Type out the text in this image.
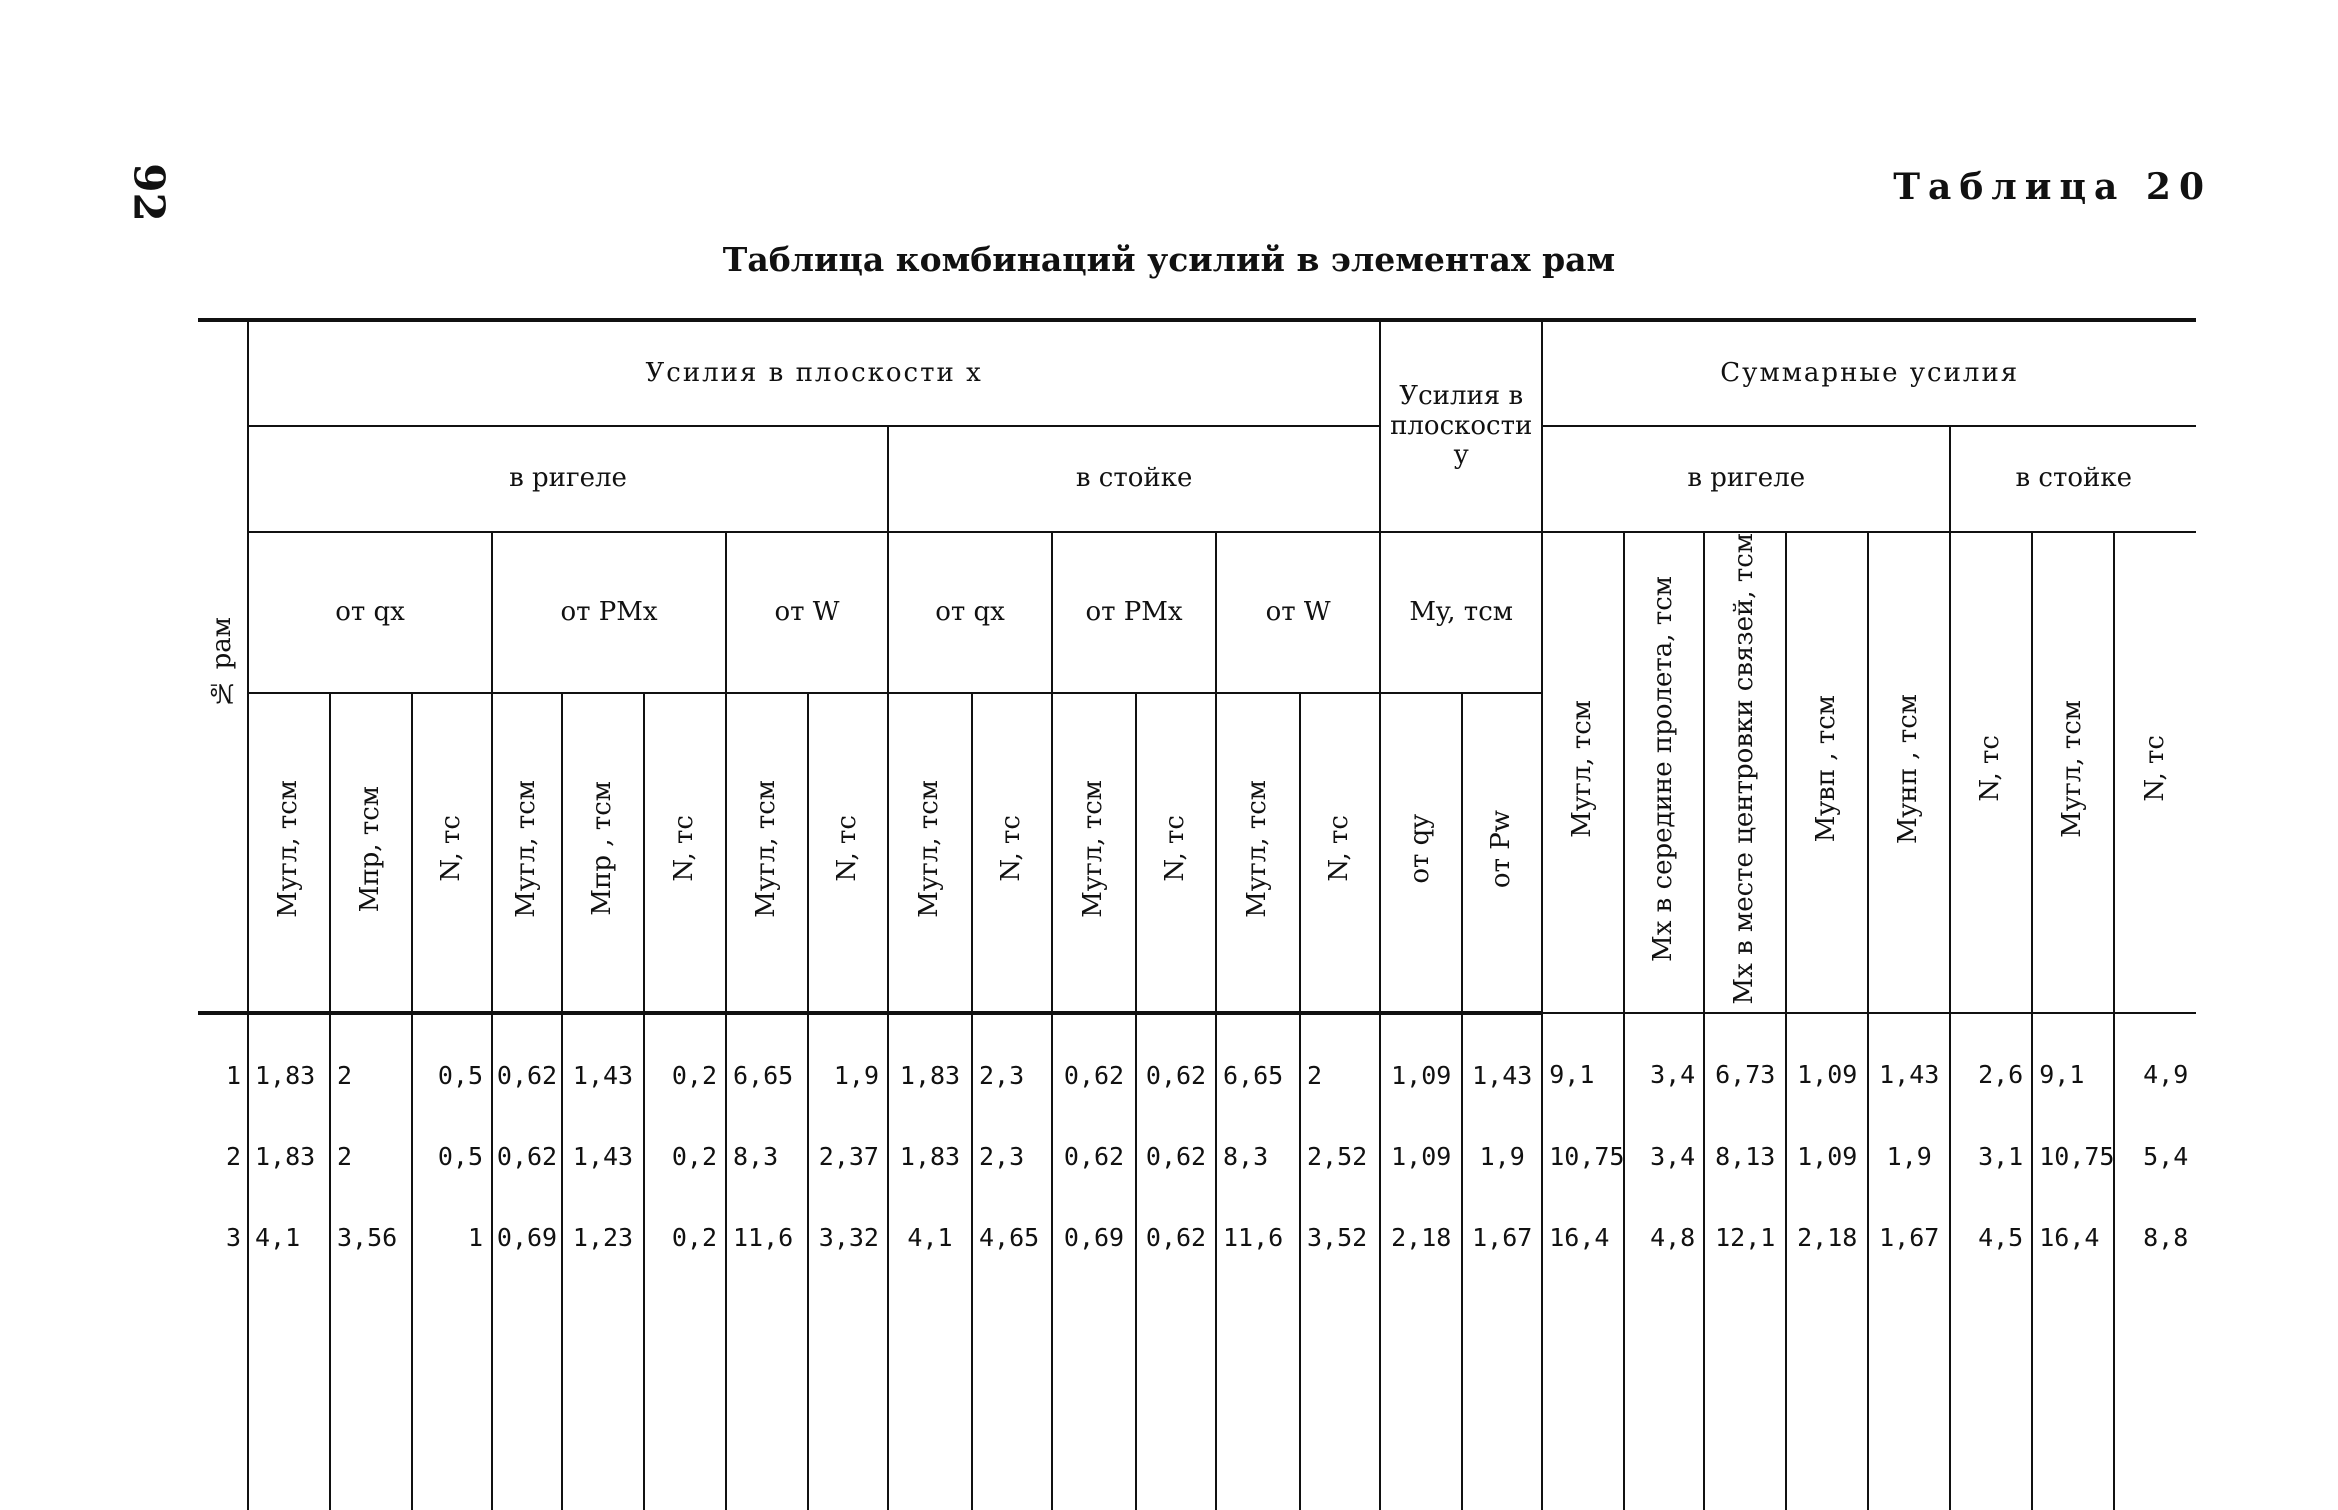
92	Таблица 20
Таблица комбинаций усилий в элементах рам
№ рам	Усилия в плоскости x														Усилия в плоскости y		Суммарные усилия							
	в ригеле								в стойке								в ригеле					в стойке		
	от qx			от PМx			от W		от qx		от PМx		от W		My, тсм		Mугл, тсм	Mx в середине пролета, тсм	Mx в месте центровки связей, тсм	Myвп , тсм	Myнп , тсм	N, тс	Mугл, тсм	N, тс
	Mугл, тсм	Mпр, тсм	N, тс	Mугл, тсм	Mпр , тсм	N, тс	Mугл, тсм	N, тс	Mугл, тсм	N, тс	Mугл, тсм	N, тс	Mугл, тсм	N, тс	от qy	от Pw								
1	1,83	2	0,5	0,62	1,43	0,2	6,65	1,9	1,83	2,3	0,62	0,62	6,65	2	1,09	1,43	9,1	3,4	6,73	1,09	1,43	2,6	9,1	4,9
2	1,83	2	0,5	0,62	1,43	0,2	8,3	2,37	1,83	2,3	0,62	0,62	8,3	2,52	1,09	1,9	10,75	3,4	8,13	1,09	1,9	3,1	10,75	5,4
3	4,1	3,56	1	0,69	1,23	0,2	11,6	3,32	4,1	4,65	0,69	0,62	11,6	3,52	2,18	1,67	16,4	4,8	12,1	2,18	1,67	4,5	16,4	8,8
